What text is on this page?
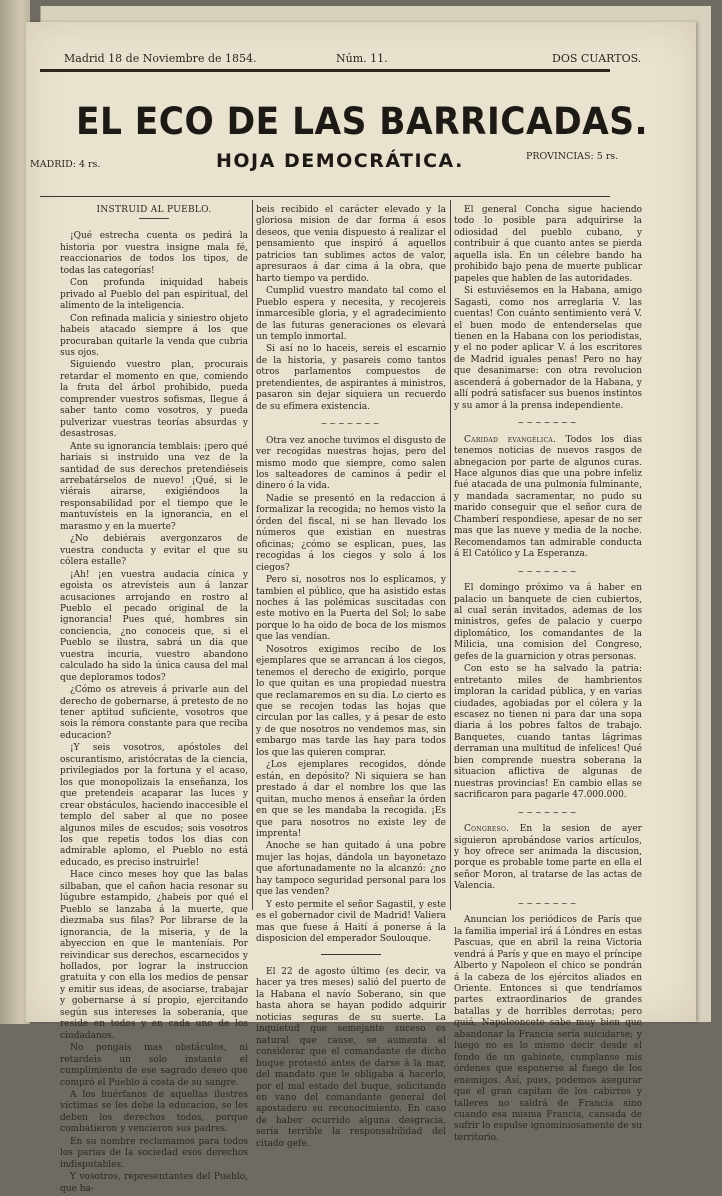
Madrid 18 de Noviembre de 1854.	Núm. 11.	DOS CUARTOS.
EL ECO DE LAS BARRICADAS.
HOJA DEMOCRÁTICA.
MADRID: 4 rs.
PROVINCIAS: 5 rs.

INSTRUID AL PUEBLO.

¡Qué estrecha cuenta os pedirá la historia por vuestra insigne mala fé, reaccionarios de todos los tipos, de todas las categorías!

Con profunda iniquidad habeis privado al Pueblo del pan espiritual, del alimento de la inteligencia.

Con refinada malicia y siniestro objeto habeis atacado siempre á los que procuraban quitarle la venda que cubria sus ojos.

Siguiendo vuestro plan, procurais retardar el momento en que, comiendo la fruta del árbol prohibido, pueda comprender vuestros sofismas, llegue á saber tanto como vosotros, y pueda pulverizar vuestras teorías absurdas y desastrosas.

Ante su ignorancia temblais: ¡pero qué hariais si instruido una vez de la santidad de sus derechos pretendiéseis arrebatárselos de nuevo! ¡Qué, si le viérais airarse, exigiéndoos la responsabilidad por el tiempo que le mantuvísteis en la ignorancia, en el marasmo y en la muerte?

¿No debiérais avergonzaros de vuestra conducta y evitar el que su cólera estalle?

¡Ah! ¡en vuestra audacia cínica y egoista os atrevísteis aun á lanzar acusaciones arrojando en rostro al Pueblo el pecado original de la ignorancia! Pues qué, hombres sin conciencia, ¿no conoceis que, si el Pueblo se ilustra, sabrá un dia que vuestra incuria, vuestro abandono calculado ha sido la única causa del mal que deploramos todos?

¿Cómo os atreveis á privarle aun del derecho de gobernarse, á pretesto de no tener aptitud suficiente, vosotros que sois la rémora constante para que reciba educacion?

¡Y seis vosotros, apóstoles del oscurantismo, aristócratas de la ciencia, privilegiados por la fortuna y el acaso, los que monopolizais la enseñanza, los que pretendeis acaparar las luces y crear obstáculos, haciendo inaccesible el templo del saber al que no posee algunos miles de escudos; sois vosotros los que repetis todos los dias con admirable aplomo, el Pueblo no está educado, es preciso instruirle!

Hace cinco meses hoy que las balas silbaban, que el cañon hacia resonar su lúgubre estampido, ¿habeis por qué el Pueblo se lanzaba á la muerte, que diezmaba sus filas? Por librarse de la ignorancia, de la miseria, y de la abyeccion en que le manteníais. Por reivindicar sus derechos, escarnecidos y hollados, por lograr la instruccion gratuita y con ella los medios de pensar y emitir sus ideas, de asociarse, trabajar y gobernarse á sí propio, ejercitando según sus intereses la soberanía, que reside en todos y en cada uno de los ciudadanos.

No pongais mas obstáculos, ni retardeis un solo instante el cumplimiento de ese sagrado deseo que compró el Pueblo á costa de su sangre.

A los huérfanos de aquellas ilustres víctimas se les debe la educacion, se les deben los derechos todos, porque combatieron y vencieron sus padres.

En su nombre reclamamos para todos los parias de la sociedad esos derechos indisputables.

Y vosotros, representantes del Pueblo, que ha-

beis recibido el carácter elevado y la gloriosa mision de dar forma á esos deseos, que venia dispuesto á realizar el pensamiento que inspiró á aquellos patricios tan sublimes actos de valor, apresuraos á dar cima á la obra, que harto tiempo va perdido.

Cumplid vuestro mandato tal como el Pueblo espera y necesita, y recojereis inmarcesible gloria, y el agradecimiento de las futuras generaciones os elevará un templo inmortal.

Si así no lo haceis, sereis el escarnio de la historia, y pasareis como tantos otros parlamentos compuestos de pretendientes, de aspirantes á ministros, pasaron sin dejar siquiera un recuerdo de su efímera existencia.

~~~~~~~

Otra vez anoche tuvimos el disgusto de ver recogidas nuestras hojas, pero del mismo modo que siempre, como salen los salteadores de caminos á pedir el dinero ó la vida.

Nadie se presentó en la redaccion á formalizar la recogida; no hemos visto la órden del fiscal, ni se han llevado los números que existian en nuestras oficinas; ¿cómo se esplican, pues, las recogidas á los ciegos y solo á los ciegos?

Pero si, nosotros nos lo esplicamos, y tambien el público, que ha asistido estas noches á las polémicas suscitadas con este motivo en la Puerta del Sol; lo sabe porque lo ha oido de boca de los mismos que las vendían.

Nosotros exigimos recibo de los ejemplares que se arrancan á los ciegos, tenemos el derecho de exigirlo, porque lo que quitan es una propiedad nuestra que reclamaremos en su dia. Lo cierto es que se recojen todas las hojas que circulan por las calles, y á pesar de esto y de que nosotros no vendemos mas, sin embargo mas tarde las hay para todos los que las quieren comprar.

¿Los ejemplares recogidos, dónde están, en depósito? Ni siquiera se han prestado á dar el nombre los que las quitan, mucho menos á enseñar la órden en que se les mandaba la recogida. ¡Es que para nosotros no existe ley de imprenta!

Anoche se han quitado á una pobre mujer las hojas, dándola un bayonetazo que afortunadamente no la alcanzó: ¿no hay tampoco seguridad personal para los que las venden?

Y esto permite el señor Sagastil, y este es el gobernador civil de Madrid! Valiera mas que fuese á Haití á ponerse á la disposicion del emperador Soulouque.

El 22 de agosto último (es decir, va hacer ya tres meses) salió del puerto de la Habana el navío Soberano, sin que hasta ahora se hayan podido adquirir noticias seguras de su suerte. La inquietud que semejante suceso es natural que cause, se aumenta al considerar que el comandante de dicho buque protestó antes de darse á la mar, del mandato que le obligaba á hacerlo, por el mal estado del buque, solicitando en vano del comandante general del apostadero su reconocimiento. En caso de haber ocurrido alguna desgracia, sería terrible la responsabilidad del citado gefe.

El general Concha sigue haciendo todo lo posible para adquirirse la odiosidad del pueblo cubano, y contribuir á que cuanto antes se pierda aquella isla. En un célebre bando ha prohibido bajo pena de muerte publicar papeles que hablen de las autoridades.

Si estuviésemos en la Habana, amigo Sagasti, como nos arreglaria V. las cuentas! Con cuánto sentimiento verá V. el buen modo de entenderselas que tienen en la Habana con los periodistas, y el no poder aplicar V. á los escritores de Madrid iguales penas! Pero no hay que desanimarse: con otra revolucion ascenderá á gobernador de la Habana, y allí podrá satisfacer sus buenos instintos y su amor á la prensa independiente.

~~~~~~~

Caridad evangélica. Todos los dias tenemos noticias de nuevos rasgos de abnegacion por parte de algunos curas. Hace algunos dias que una pobre infeliz fué atacada de una pulmonía fulminante, y mandada sacramentar, no pudo su marido conseguir que el señor cura de Chamberí respondiese, apesar de no ser mas que las nueve y media de la noche. Recomendamos tan admirable conducta á El Católico y La Esperanza.

~~~~~~~

El domingo próximo va á haber en palacio un banquete de cien cubiertos, al cual serán invitados, ademas de los ministros, gefes de palacio y cuerpo diplomático, los comandantes de la Milicia, una comision del Congreso, gefes de la guarnicion y otras personas.

Con esto se ha salvado la patria: entretanto miles de hambrientos imploran la caridad pública, y en varias ciudades, agobiadas por el cólera y la escasez no tienen ni para dar una sopa diaria á los pobres faltos de trabajo. Banquetes, cuando tantas lágrimas derraman una multitud de infelices! Qué bien comprende nuestra soberana la situacion aflictiva de algunas de nuestras provincias! En cambio ellas se sacrificaron para pagarle 47.000.000.

~~~~~~~

Congreso. En la sesion de ayer siguieron aprobándose varios artículos, y hoy ofrece ser animada la discusion, porque es probable tome parte en ella el señor Moron, al tratarse de las actas de Valencia.

~~~~~~~

Anuncian los periódicos de París que la familia imperial irá á Lóndres en estas Pascuas, que en abril la reina Victoria vendrá á París y que en mayo el príncipe Alberto y Napoleon el chico se pondrán á la cabeza de los ejércitos aliados en Oriente. Entonces si que tendríamos partes extraordinarios de grandes batallas y de horribles derrotas; pero quiá, Napoleoncete sabe muy bien que abandonar la Francia sería suicidarse; y luego no es lo mismo decir desde el fondo de un gabinete, cumplanse mis órdenes que esponerse al fuego de los enemigos. Así, pues, podemos asegurar que el gran capitan de los cabirros y talleres no saldrá de Francia sino cuando esa misma Francia, cansada de sufrir lo espulse ignominiosamente de su territorio.
